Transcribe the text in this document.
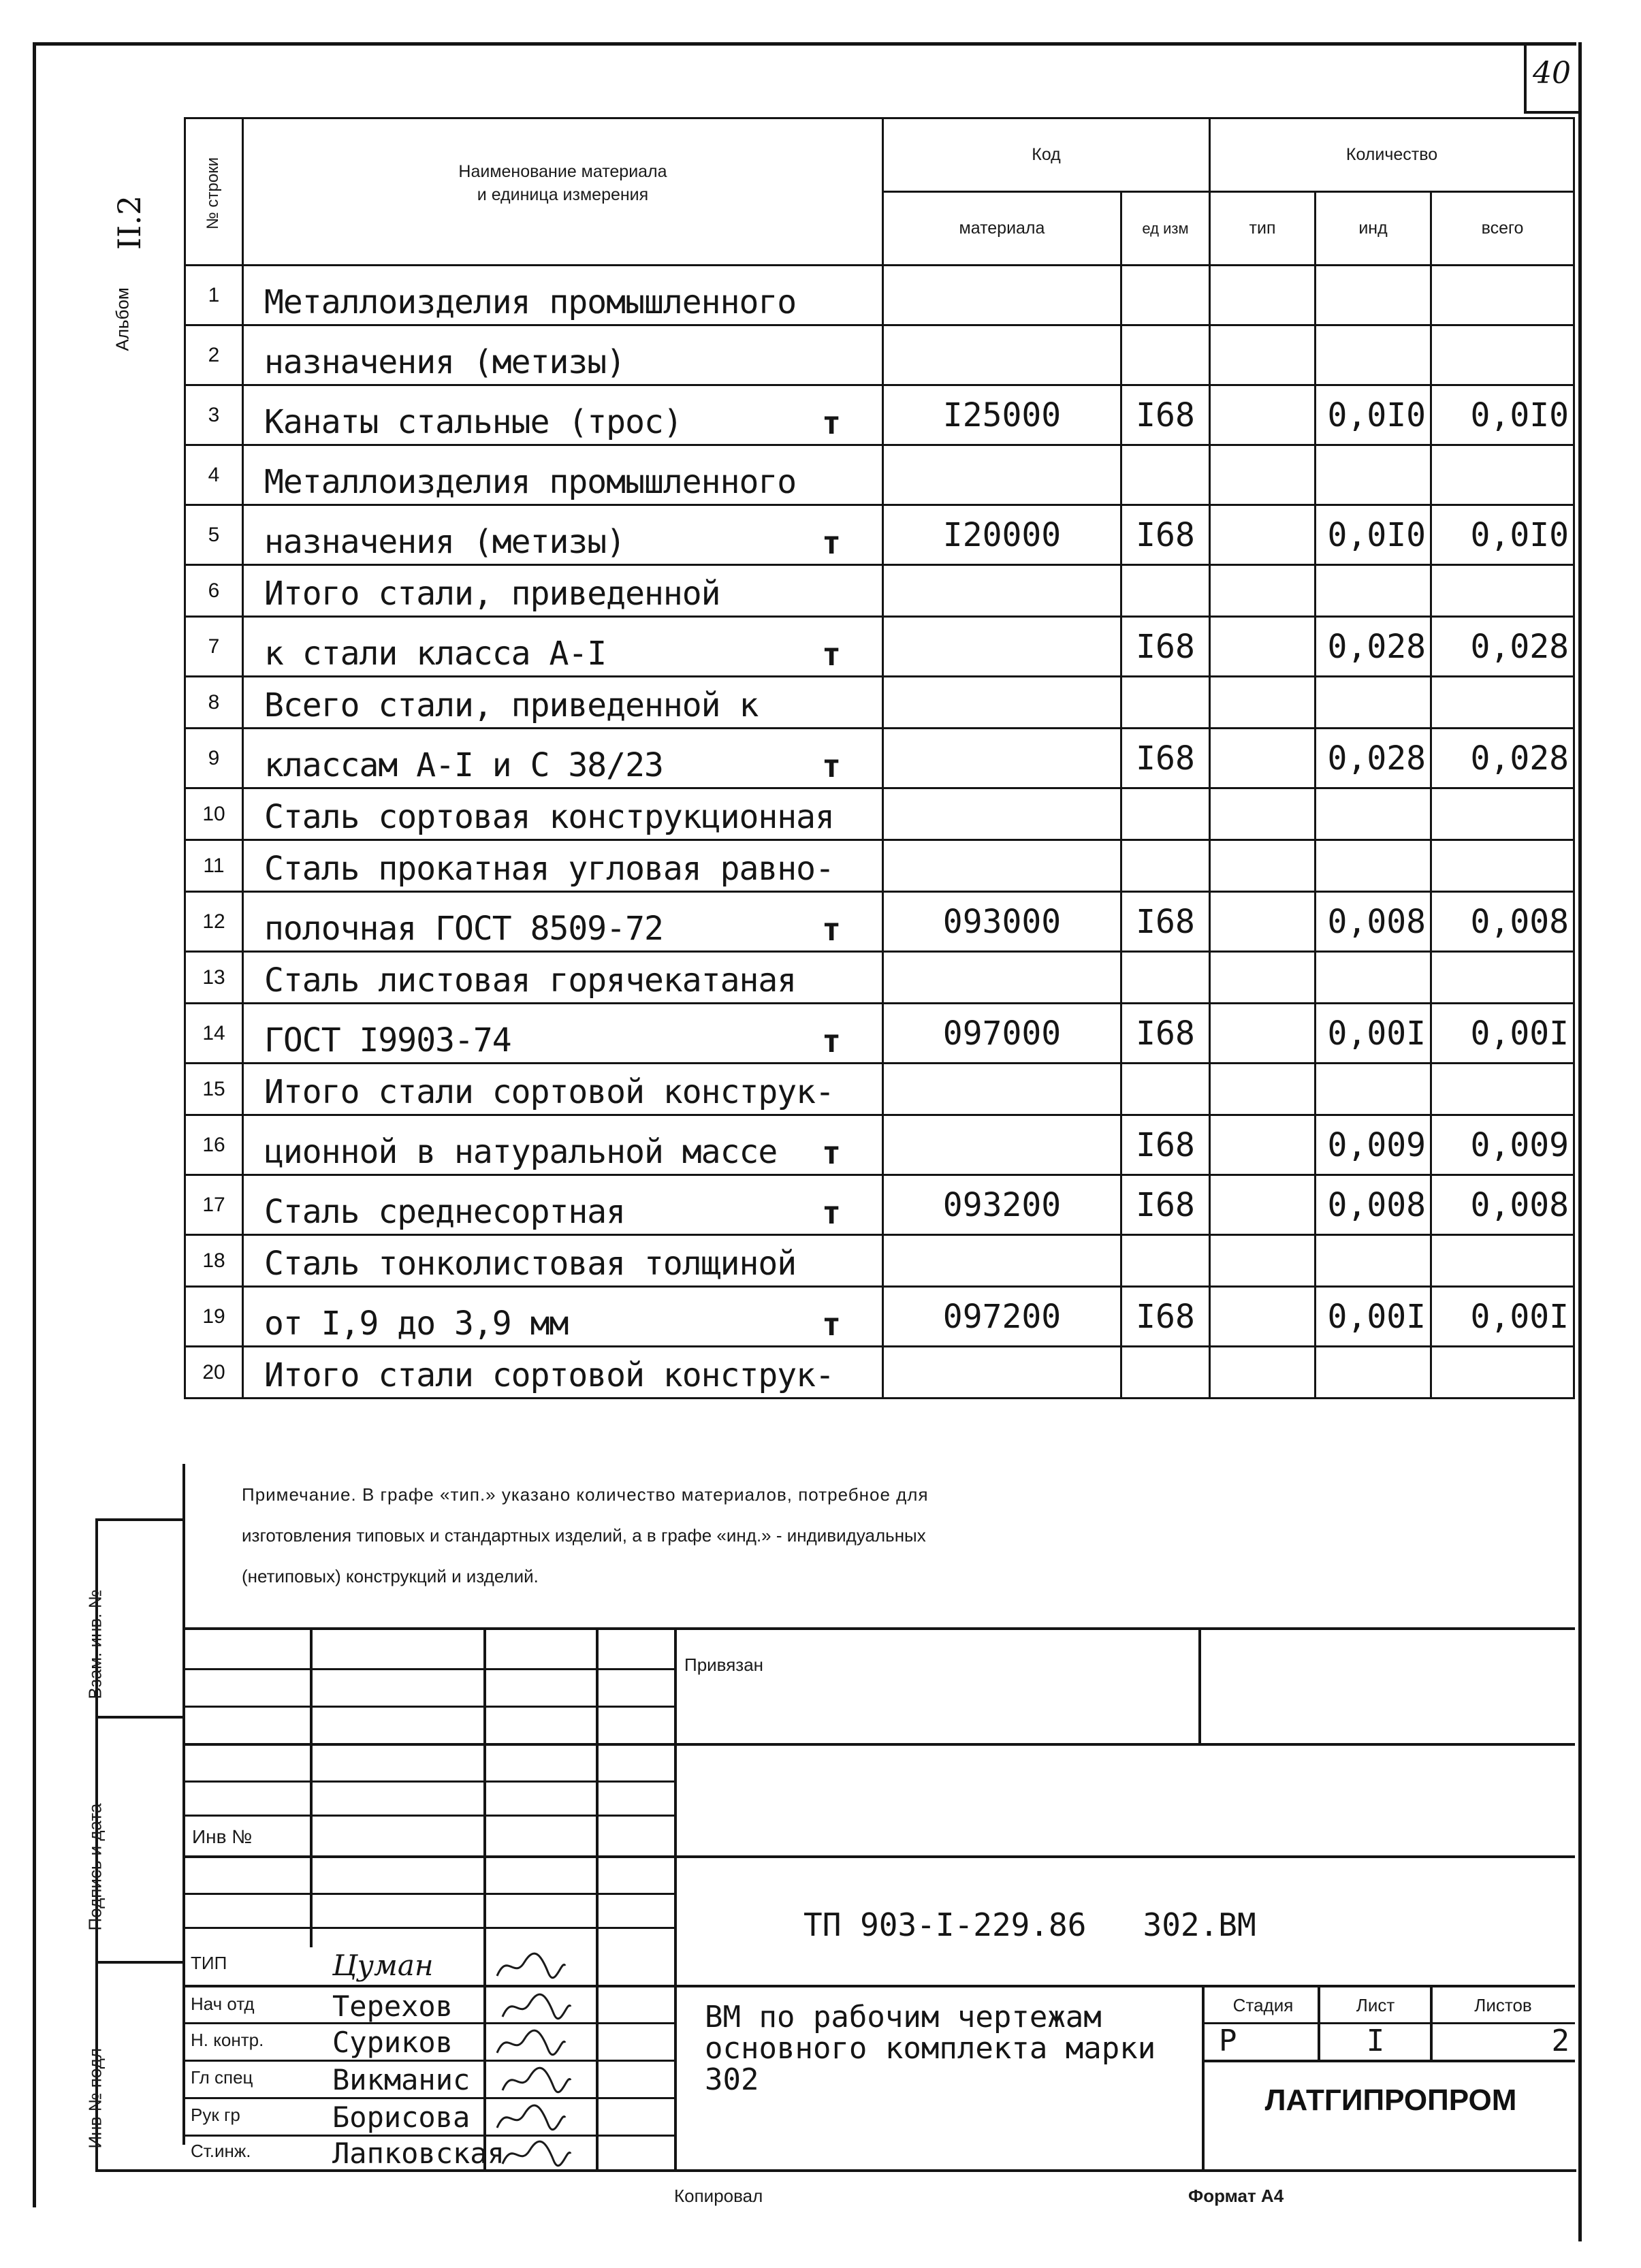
40
Альбом
II.2	№ строки	Наименование материала
и единица измерения	Код		Количество		
		материала	ед изм	тип	инд	всего
1	Металлоизделия промышленного					

2	назначения (метизы)					

3	Канаты стальные (трос) т	I25000	I68		0,0I0	0,0I0
4	Металлоизделия промышленного					

5	назначения (метизы) т	I20000	I68		0,0I0	0,0I0
6	Итого стали, приведенной					

7	к стали класса А-I т		I68		0,028	0,028
8	Всего стали, приведенной к					

9	классам А-I и С 38/23 т		I68		0,028	0,028
10	Сталь сортовая конструкционная					

11	Сталь прокатная угловая равно-					

12	полочная ГОСТ 8509-72 т	093000	I68		0,008	0,008
13	Сталь листовая горячекатаная					

14	ГОСТ I9903-74 т	097000	I68		0,00I	0,00I
15	Итого стали сортовой конструк-					

16	ционной в натуральной массе т		I68		0,009	0,009
17	Сталь среднесортная т	093200	I68		0,008	0,008
18	Сталь тонколистовая толщиной					

19	от I,9 до 3,9 мм т	097200	I68		0,00I	0,00I
20	Итого стали сортовой конструк-					

Примечание. В графе «тип.» указано количество материалов, потребное для
изготовления типовых и стандартных изделий, а в графе «инд.» - индивидуальных
(нетиповых) конструкций и изделий.
Взам. инв. №
Подпись и дата
Инв № подл
Привязан
Инв №
ТП 903-I-229.86   302.ВМ
ВМ по рабочим чертежам
основного комплекта марки
302
Стадия	Лист	Листов
Р	I	2
ЛАТГИПРОПРОМ
ТИП	Цуман
Нач отд	Терехов
Н. контр. Суриков
Гл спец	Викманис
Рук гр	Борисова
Ст.инж.	Лапковская
Копировал	Формат А4
